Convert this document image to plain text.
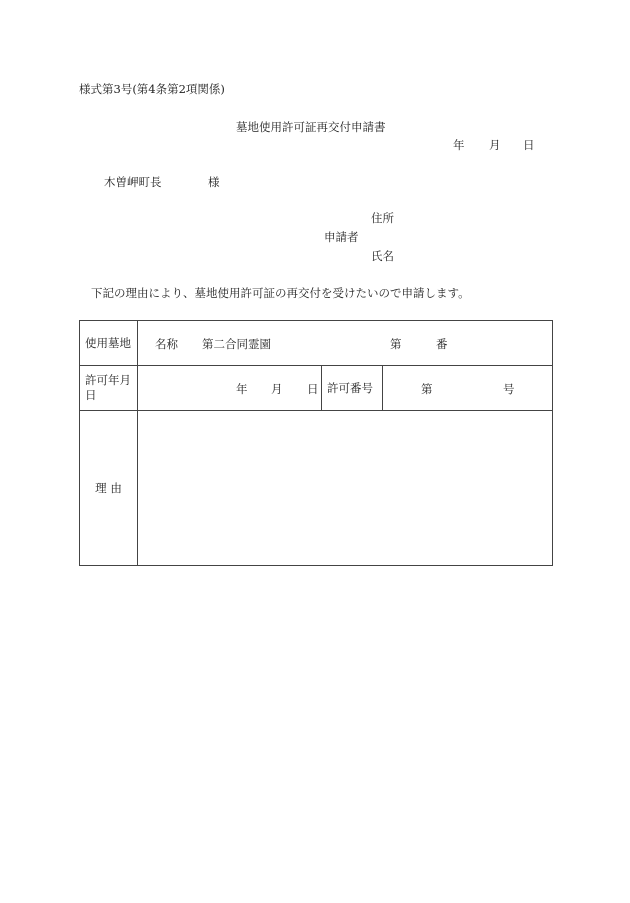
様式第3号(第4条第2項関係)
墓地使用許可証再交付申請書
年 月 日
木曽岬町長	様
住所
申請者
氏名
下記の理由により、墓地使用許可証の再交付を受けたいので申請します。
使用墓地	名称 第二合同霊園 第 番		

許可年月日	年 月 日	許可番号	第 号

理 由			
